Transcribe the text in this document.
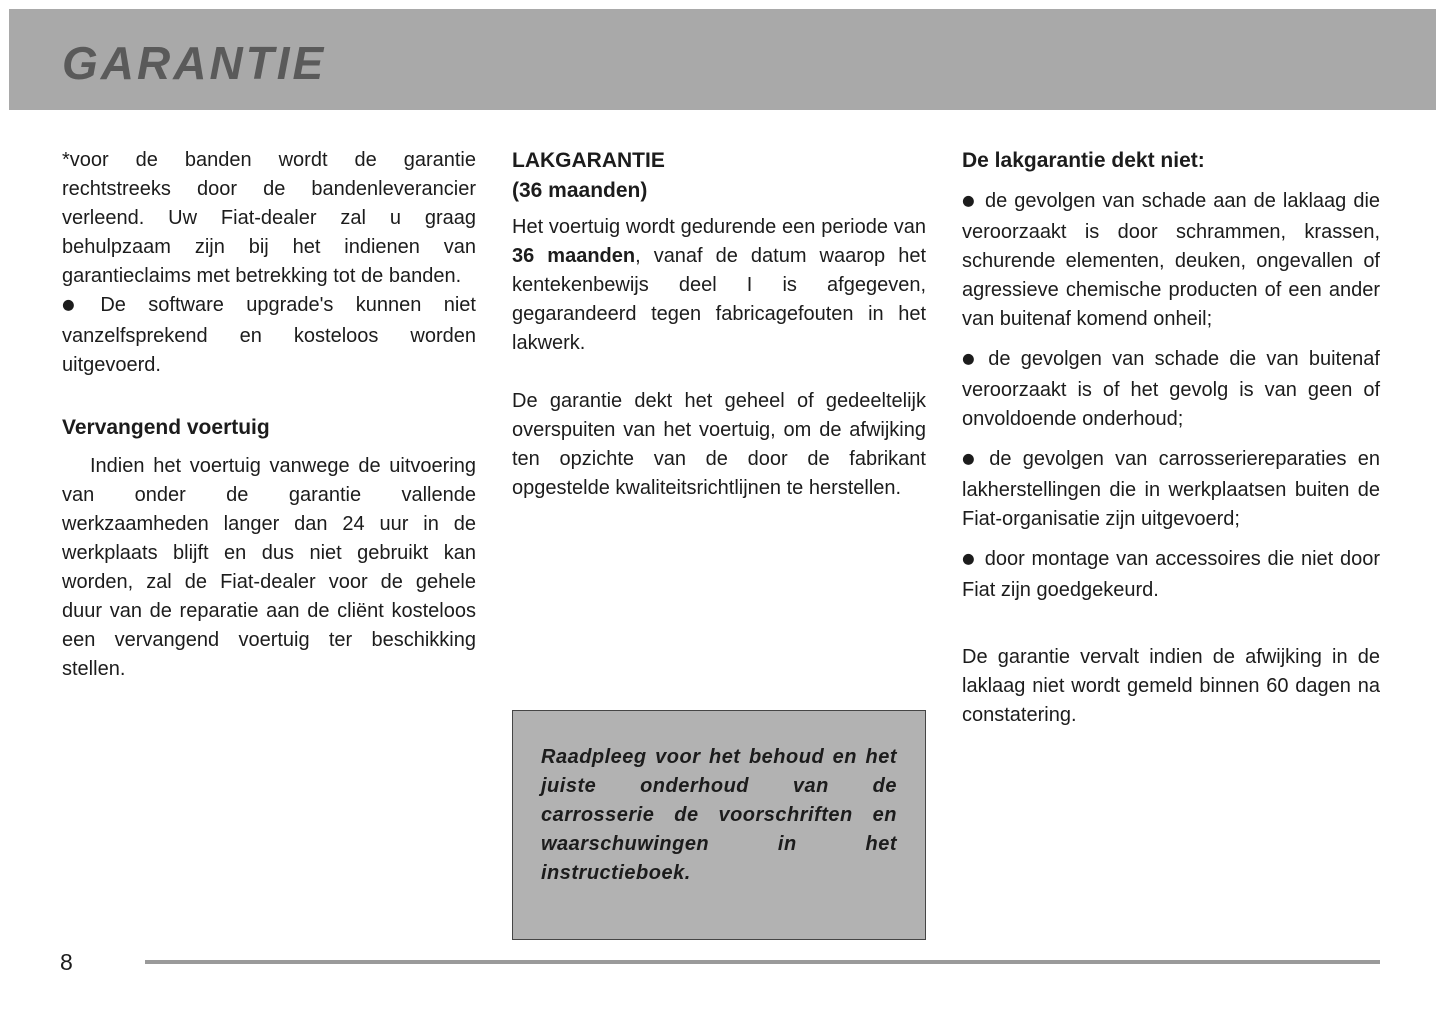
GARANTIE

*voor de banden wordt de garantie rechtstreeks door de bandenleverancier verleend. Uw Fiat-dealer zal u graag behulpzaam zijn bij het indienen van garantieclaims met betrekking tot de banden.

● De software upgrade's kunnen niet vanzelfsprekend en kosteloos worden uitgevoerd.

Vervangend voertuig

Indien het voertuig vanwege de uitvoering van onder de garantie vallende werkzaamheden langer dan 24 uur in de werkplaats blijft en dus niet gebruikt kan worden, zal de Fiat-dealer voor de gehele duur van de reparatie aan de cliënt kosteloos een vervangend voertuig ter beschikking stellen.

LAKGARANTIE
(36 maanden)

Het voertuig wordt gedurende een periode van 36 maanden, vanaf de datum waarop het kentekenbewijs deel I is afgegeven, gegarandeerd tegen fabricagefouten in het lakwerk.

De garantie dekt het geheel of gedeeltelijk overspuiten van het voertuig, om de afwijking ten opzichte van de door de fabrikant opgestelde kwaliteitsrichtlijnen te herstellen.

Raadpleeg voor het behoud en het juiste onderhoud van de carrosserie de voorschriften en waarschuwingen in het instructieboek.

De lakgarantie dekt niet:

● de gevolgen van schade aan de laklaag die veroorzaakt is door schrammen, krassen, schurende elementen, deuken, ongevallen of agressieve chemische producten of een ander van buitenaf komend onheil;

● de gevolgen van schade die van buitenaf veroorzaakt is of het gevolg is van geen of onvoldoende onderhoud;

● de gevolgen van carrosseriereparaties en lakherstellingen die in werkplaatsen buiten de Fiat-organisatie zijn uitgevoerd;

● door montage van accessoires die niet door Fiat zijn goedgekeurd.

De garantie vervalt indien de afwijking in de laklaag niet wordt gemeld binnen 60 dagen na constatering.

8
